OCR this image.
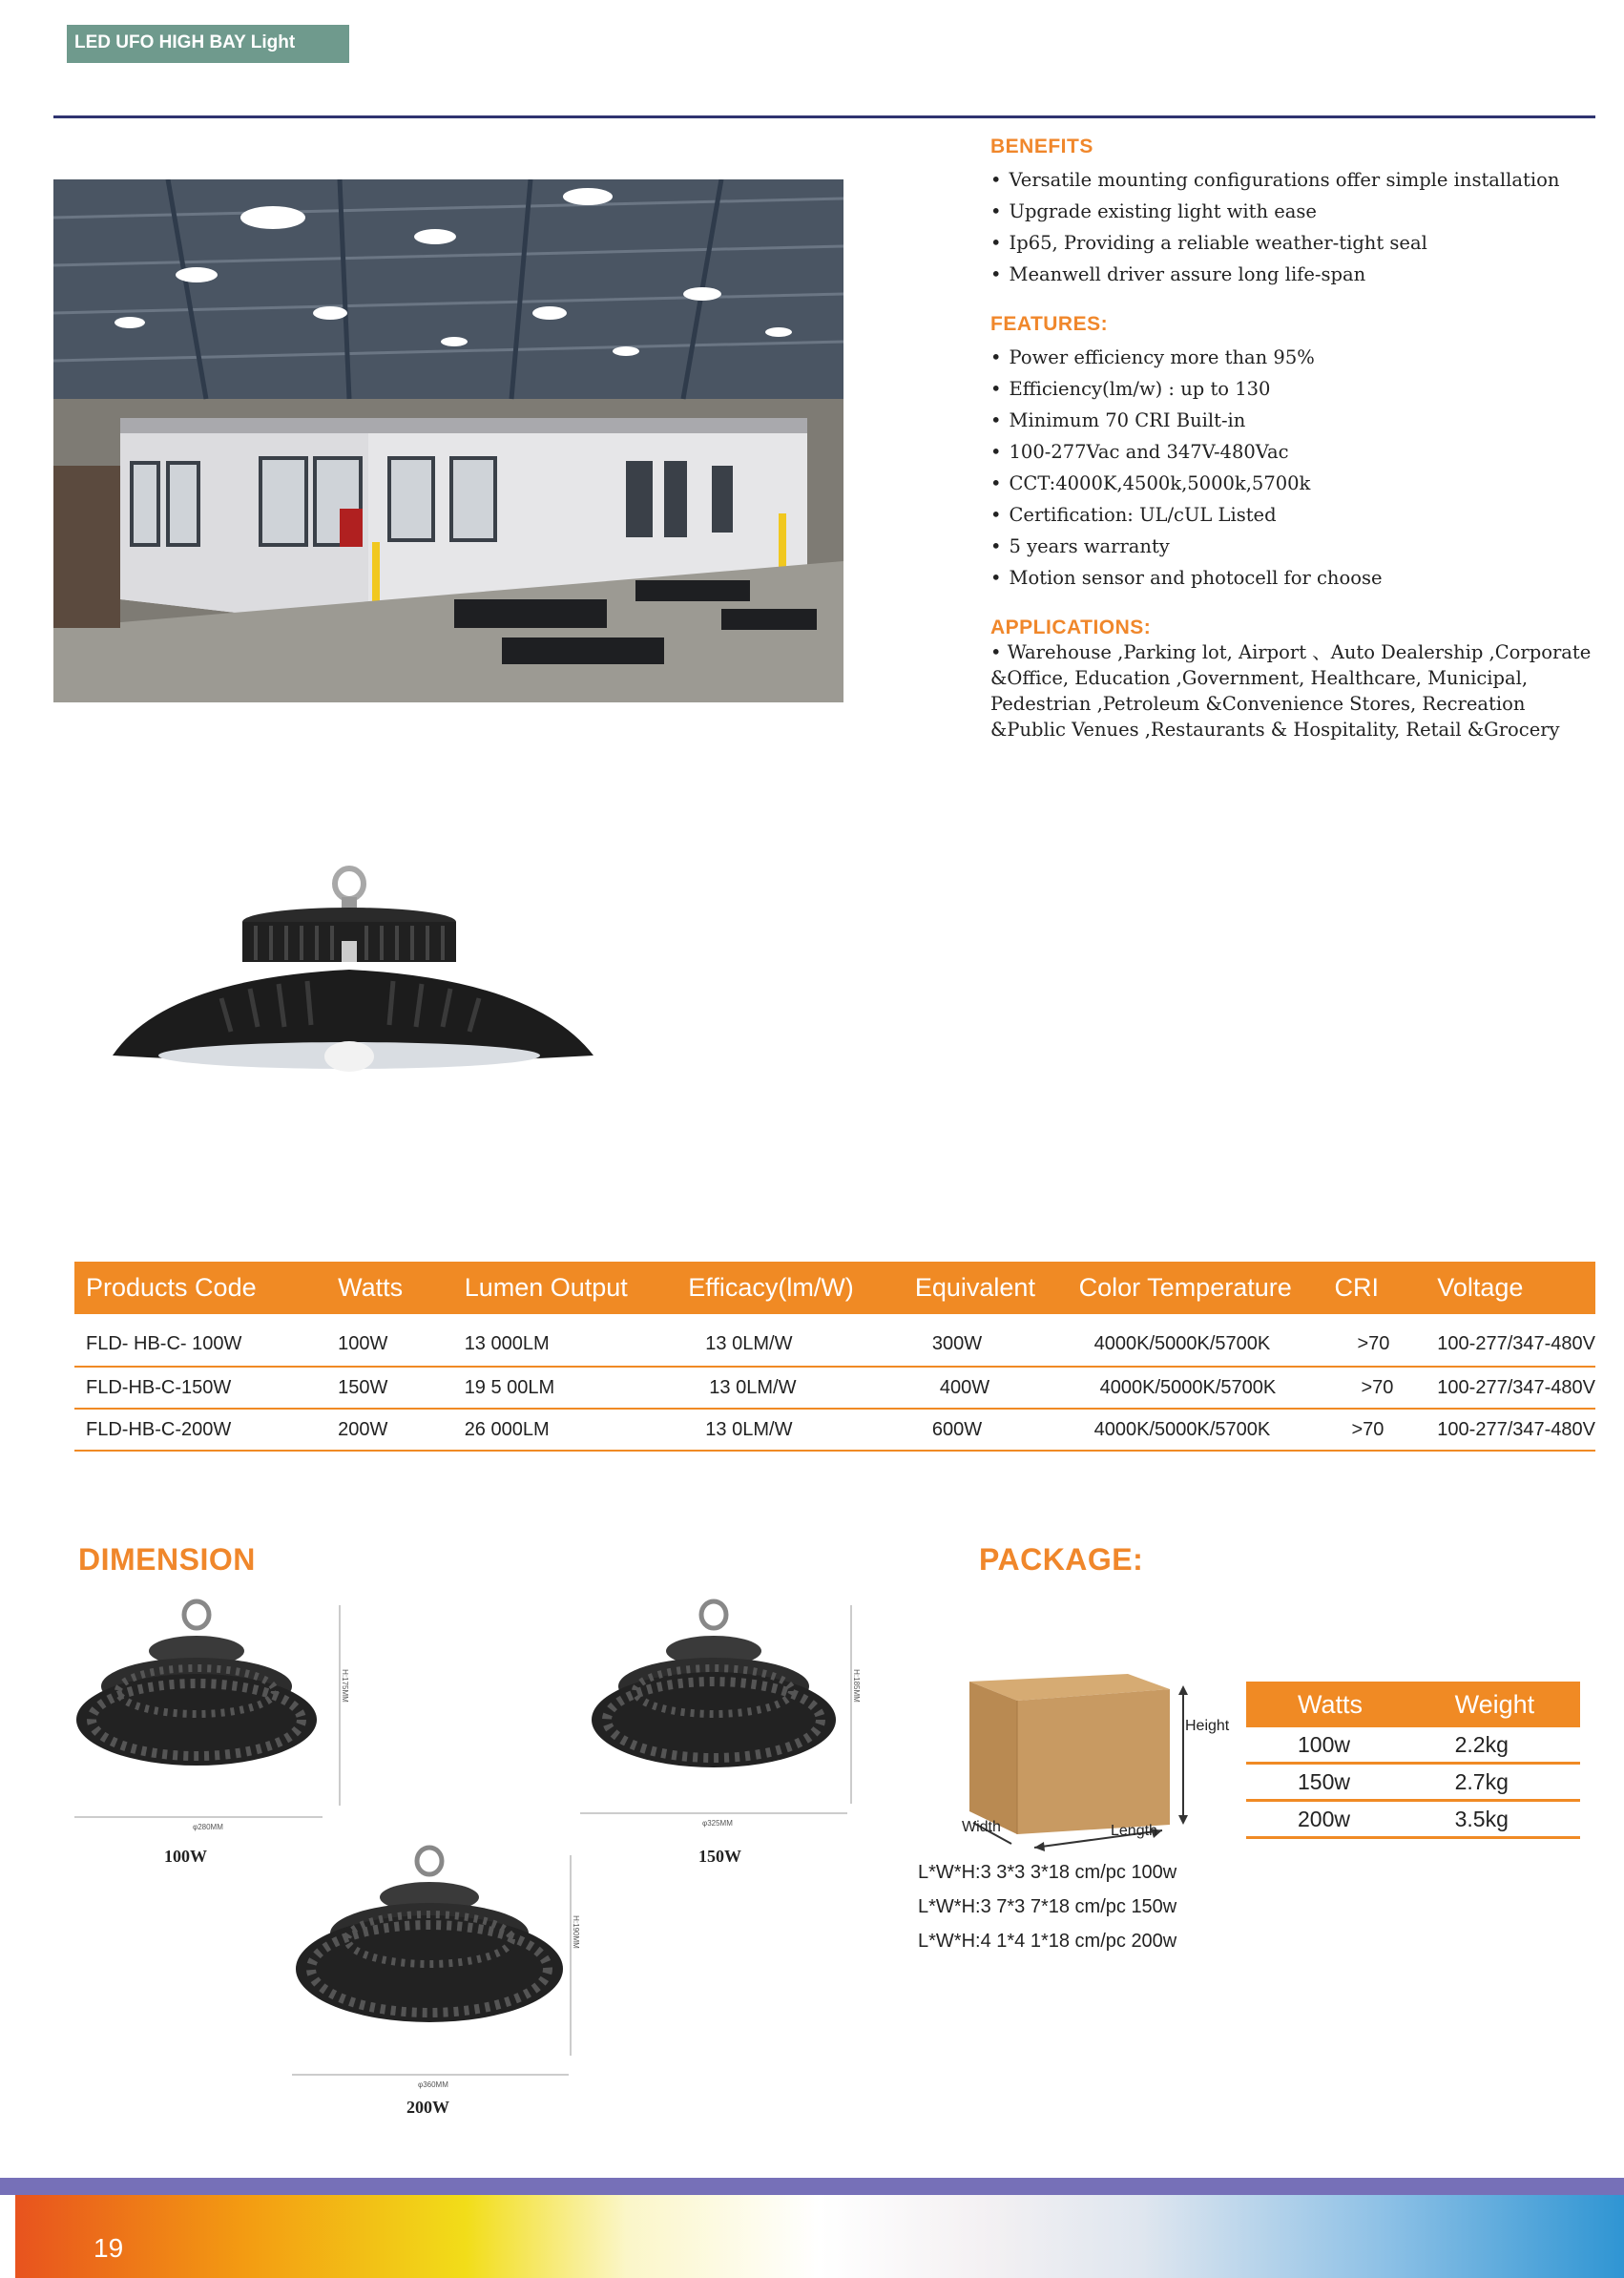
LED UFO HIGH BAY Light
BENEFITS
• Versatile mounting configurations offer simple installation
• Upgrade existing light with ease
• Ip65, Providing a reliable weather-tight seal
• Meanwell driver assure long life-span
FEATURES:
• Power efficiency more than 95%
• Efficiency(lm/w) : up to 130
• Minimum 70 CRI Built-in
• 100-277Vac and 347V-480Vac
• CCT:4000K,4500k,5000k,5700k
• Certification: UL/cUL Listed
• 5 years warranty
• Motion sensor and photocell for choose
APPLICATIONS:

• Warehouse ,Parking lot, Airport 、Auto Dealership ,Corporate &Office, Education ,Government, Healthcare, Municipal, Pedestrian ,Petroleum &Convenience Stores, Recreation &Public Venues ,Restaurants & Hospitality, Retail &Grocery

Products Code	Watts	Lumen Output	Efficacy(lm/W)	Equivalent	Color Temperature	CRI	Voltage
FLD- HB-C- 100W	100W	13 000LM	13 0LM/W	300W	4000K/5000K/5700K	>70	100-277/347-480V
FLD-HB-C-150W	150W	19 5 00LM	13 0LM/W	400W	4000K/5000K/5700K	>70	100-277/347-480V
FLD-HB-C-200W	200W	26 000LM	13 0LM/W	600W	4000K/5000K/5700K	>70	100-277/347-480V
DIMENSION
φ280MM
H:175MM
100W
φ325MM
H:185MM
150W
φ360MM
H:190MM
200W
PACKAGE:
Height
Width	Length
L*W*H:3 3*3 3*18 cm/pc 100w
L*W*H:3 7*3 7*18 cm/pc 150w
L*W*H:4 1*4 1*18 cm/pc 200w
Watts	Weight
100w	2.2kg
150w	2.7kg
200w	3.5kg
19
